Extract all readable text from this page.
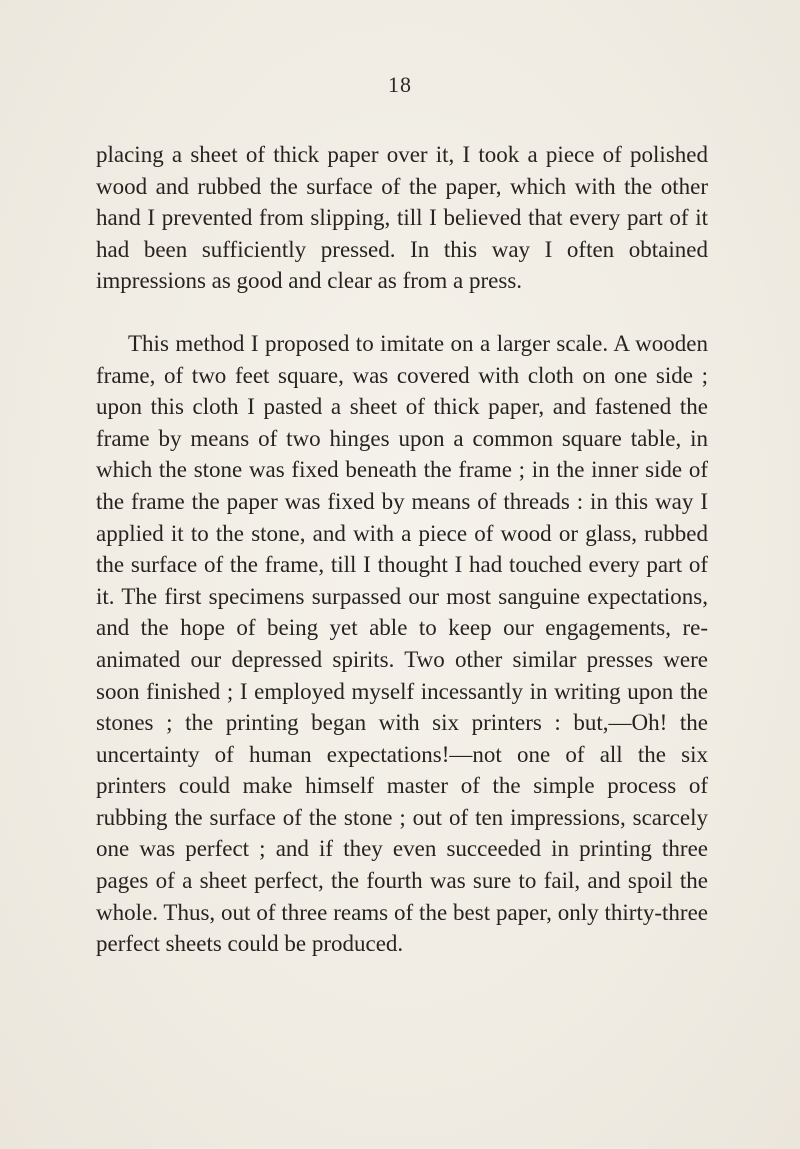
18

placing a sheet of thick paper over it, I took a piece of polished wood and rubbed the surface of the paper, which with the other hand I prevented from slipping, till I believed that every part of it had been sufficiently pressed. In this way I often obtained impressions as good and clear as from a press.

This method I proposed to imitate on a larger scale. A wooden frame, of two feet square, was covered with cloth on one side ; upon this cloth I pasted a sheet of thick paper, and fastened the frame by means of two hinges upon a common square table, in which the stone was fixed beneath the frame ; in the inner side of the frame the paper was fixed by means of threads : in this way I applied it to the stone, and with a piece of wood or glass, rubbed the surface of the frame, till I thought I had touched every part of it. The first specimens surpassed our most sanguine expectations, and the hope of being yet able to keep our engagements, re-animated our depressed spirits. Two other similar presses were soon finished ; I employed myself incessantly in writing upon the stones ; the printing began with six printers : but,—Oh! the uncertainty of human expectations!—not one of all the six printers could make himself master of the simple process of rubbing the surface of the stone ; out of ten impressions, scarcely one was perfect ; and if they even succeeded in printing three pages of a sheet perfect, the fourth was sure to fail, and spoil the whole. Thus, out of three reams of the best paper, only thirty-three perfect sheets could be produced.
